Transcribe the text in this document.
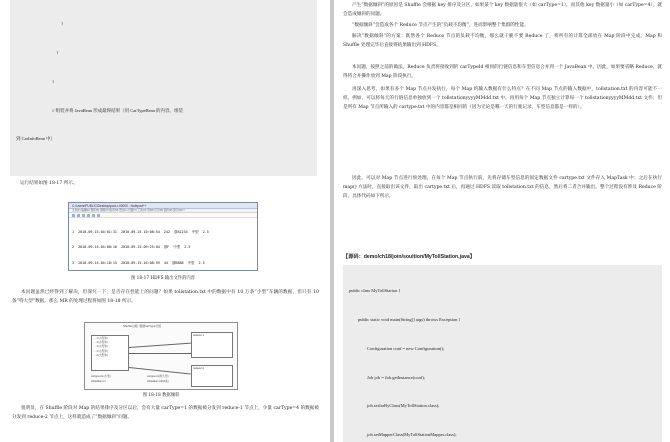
}

}

}

// 组装并将 JavaBean 形成最终结果（用 CarTypeBean 的内容，组装

到 CarInfoBean 中）

运行结果如图 18-17 所示。
C:\Users\PUBLIC\Desktop\part-r-00000 - Notepad++
文件(F) 编辑(E) 搜索(S) 视图(V) 格式(M) 语言(L) 设置(T) 工具(O) 宏(M) 运行(R) 插件(P) 窗口(W) ?

1  2010-09-15.04:01:31  2010-09-15.10:08:54  242  浙A1234  中型  2.5

2  2010-09-15.04:08:16  2010-09-15.09:25:04  浙F  中型  2.5

3  2010-09-15.04:18:15  2010-09-15.16:08:59  44  浙B888  中型  2.5

图 18-17 HDFS 输出文件的内容
本问题虽然已经得到了解决，但深究一下，是否存在性能上的问题？如果 tollstation.txt 中的数据中有 10 万条“小型”车辆的数据，但只有 10 条“特大型”数据。那么 MR 的处理过程将如图 18-18 所示。
Shuffle过程: 根据carType分组
… 1 (小型车)
… 1 (小型车)
… 1 (小型车)
… 1 (小型车)
… 2 (大型车)
reducer 1
reducer 2
cartype.txt (小型)
tollstation.txt
cartype.txt(特大型)
tollstation.txt(10条)
图 18-18 数据倾斜
很明显，在 Shuffle 阶段对 Map 的结果排序及分区以后，会有大量 carType=1 的数据被分发到 reduce-1 节点上，少量 carType=4 的数据被分发到 reduce-2 节点上，这样就造成了“数据倾斜”问题。
产生“数据倾斜”的原因是 Shuffle 会根据 key 排序及分区，如果某个 key 数据量很大（如 carType=1），而其他 key 数据量小（如 carType=4），就会造成倾斜的问题。
“数据倾斜”会造成各个 Reduce 节点产生的“负载不均衡”，进而影响整个集群的性能。
解决“数据倾斜”的方案：既然各个 Reduce 节点的负载不均衡，那么就干脆不要 Reduce 了，将所有的计算全部放在 Map 阶段中完成。Map 和 Shuffle 处理完毕后直接将结果输出到 HDFS。
本问题，按照之前的做法，Reduce 负责将接收到的 carTypeId 相同的行链信息和车型信息合并到一个 JavaBean 中。因此，如果要省略 Reduce，就得将合并操作放到 Map 阶段执行。
再深入思考，如果有多个 Map 节点并发执行，每个 Map 约输入数据有什么特点？在不同 Map 节点的输入数据中，tollstation.txt 的内容可能不一样。例如，可以将每天的行链信息单独放到一个 tollstationyyyyMMdd.txt 中。再用每个 Map 节点独立计算每一个 tollstationyyyyMMdd.txt 文件；但是所有 Map 节点所输入的 cartype.txt 中的内容都是相同的（因为无论是哪一天的行驶记录，车型信息都是一样的）。
因此，可以对 Map 节点进行预处理。在每个 Map 节点执行前，先将存储车型信息的固定数据文件 cartype.txt 文件存入 MapTask 中；之后在执行 map() 方法时，直接取出该文件，取出 cartype.txt 后，再通过 HDFS 读取 tollstation.txt 的信息，然后将二者合并输出。整个过程没有涉及 Reduce 阶段，具体代码如下所示。
【源码：demo/ch18/join/soultion/MyTollStation.java】

public class MyTollStation {

public static void main(String[] args) throws Exception {

Configuration conf = new Configuration();

Job job = Job.getInstance(conf);

job.setJarByClass(MyTollStation.class);

job.setMapperClass(MyTollStationMapper.class);
